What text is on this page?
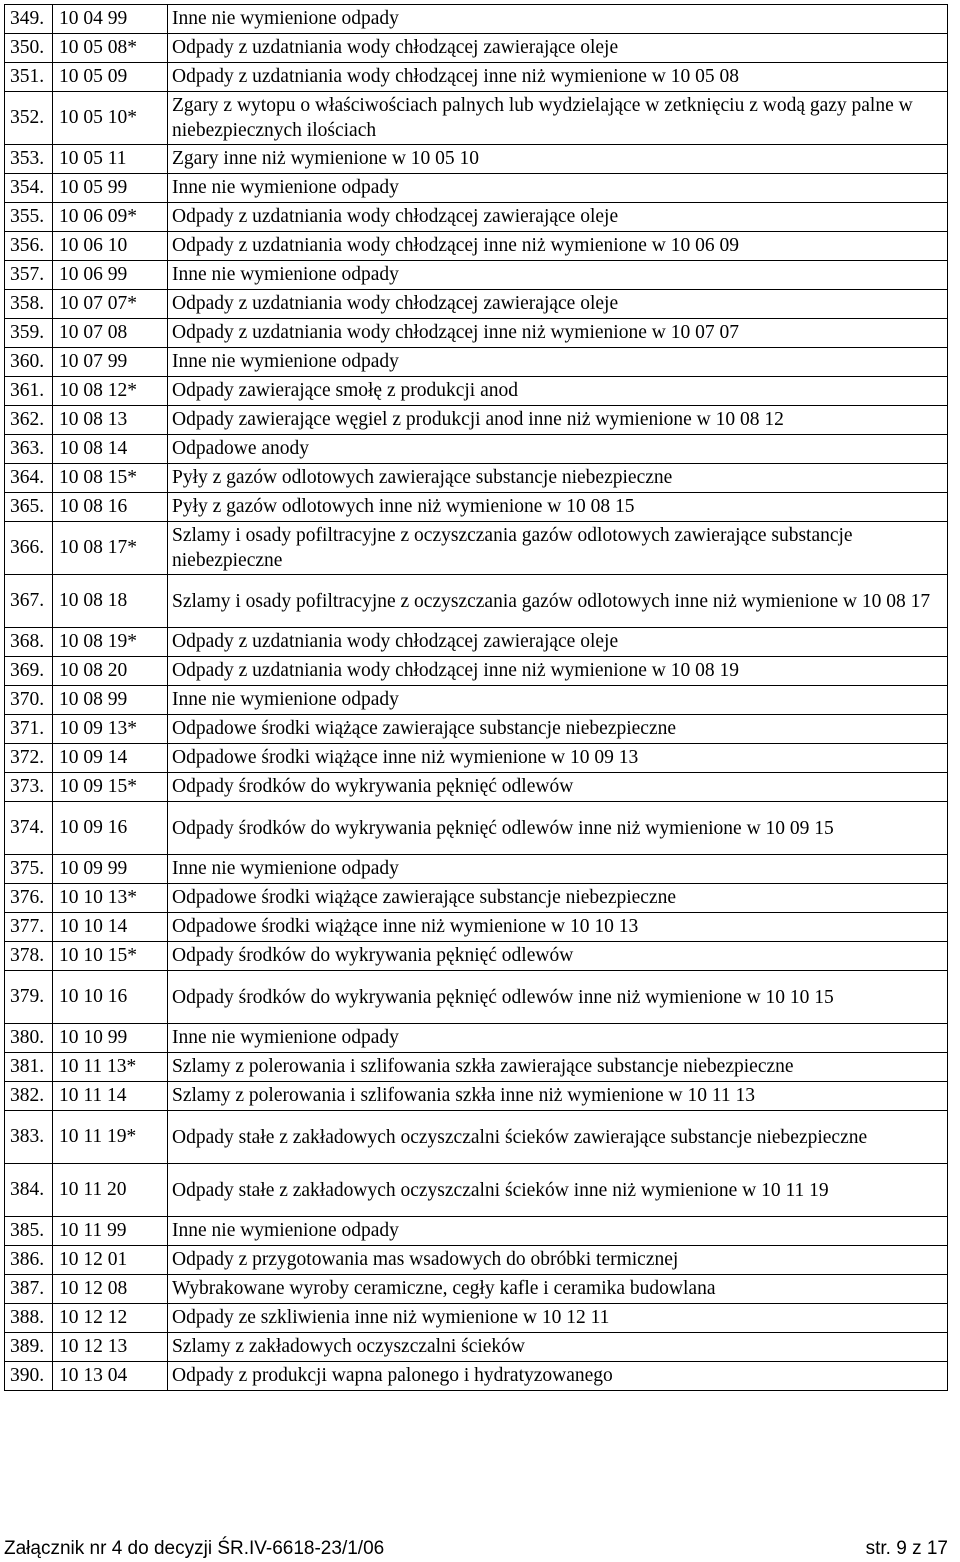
349.	10 04 99	Inne nie wymienione odpady
350.	10 05 08*	Odpady z uzdatniania wody chłodzącej zawierające oleje
351.	10 05 09	Odpady z uzdatniania wody chłodzącej inne niż wymienione w 10 05 08
352.	10 05 10*	Zgary z wytopu o właściwościach palnych lub wydzielające w zetknięciu z wodą gazy palne w niebezpiecznych ilościach
353.	10 05 11	Zgary inne niż wymienione w 10 05 10
354.	10 05 99	Inne nie wymienione odpady
355.	10 06 09*	Odpady z uzdatniania wody chłodzącej zawierające oleje
356.	10 06 10	Odpady z uzdatniania wody chłodzącej inne niż wymienione w 10 06 09
357.	10 06 99	Inne nie wymienione odpady
358.	10 07 07*	Odpady z uzdatniania wody chłodzącej zawierające oleje
359.	10 07 08	Odpady z uzdatniania wody chłodzącej inne niż wymienione w 10 07 07
360.	10 07 99	Inne nie wymienione odpady
361.	10 08 12*	Odpady zawierające smołę z produkcji anod
362.	10 08 13	Odpady zawierające węgiel z produkcji anod inne niż wymienione w 10 08 12
363.	10 08 14	Odpadowe anody
364.	10 08 15*	Pyły z gazów odlotowych zawierające substancje niebezpieczne
365.	10 08 16	Pyły z gazów odlotowych inne niż wymienione w 10 08 15
366.	10 08 17*	Szlamy i osady pofiltracyjne z oczyszczania gazów odlotowych zawierające substancje niebezpieczne
367.	10 08 18	Szlamy i osady pofiltracyjne z oczyszczania gazów odlotowych inne niż wymienione w 10 08 17
368.	10 08 19*	Odpady z uzdatniania wody chłodzącej zawierające oleje
369.	10 08 20	Odpady z uzdatniania wody chłodzącej inne niż wymienione w 10 08 19
370.	10 08 99	Inne nie wymienione odpady
371.	10 09 13*	Odpadowe środki wiążące zawierające substancje niebezpieczne
372.	10 09 14	Odpadowe środki wiążące inne niż wymienione w 10 09 13
373.	10 09 15*	Odpady środków do wykrywania pęknięć odlewów
374.	10 09 16	Odpady środków do wykrywania pęknięć odlewów inne niż wymienione w 10 09 15
375.	10 09 99	Inne nie wymienione odpady
376.	10 10 13*	Odpadowe środki wiążące zawierające substancje niebezpieczne
377.	10 10 14	Odpadowe środki wiążące inne niż wymienione w 10 10 13
378.	10 10 15*	Odpady środków do wykrywania pęknięć odlewów
379.	10 10 16	Odpady środków do wykrywania pęknięć odlewów inne niż wymienione w 10 10 15
380.	10 10 99	Inne nie wymienione odpady
381.	10 11 13*	Szlamy z polerowania i szlifowania szkła zawierające substancje niebezpieczne
382.	10 11 14	Szlamy z polerowania i szlifowania szkła inne niż wymienione w 10 11 13
383.	10 11 19*	Odpady stałe z zakładowych oczyszczalni ścieków zawierające substancje niebezpieczne
384.	10 11 20	Odpady stałe z zakładowych oczyszczalni ścieków inne niż wymienione w 10 11 19
385.	10 11 99	Inne nie wymienione odpady
386.	10 12 01	Odpady z przygotowania mas wsadowych do obróbki termicznej
387.	10 12 08	Wybrakowane wyroby ceramiczne, cegły kafle i ceramika budowlana
388.	10 12 12	Odpady ze szkliwienia inne niż wymienione w 10 12 11
389.	10 12 13	Szlamy z zakładowych oczyszczalni ścieków
390.	10 13 04	Odpady z produkcji wapna palonego i hydratyzowanego
Załącznik nr 4 do decyzji ŚR.IV-6618-23/1/06	str. 9 z 17
